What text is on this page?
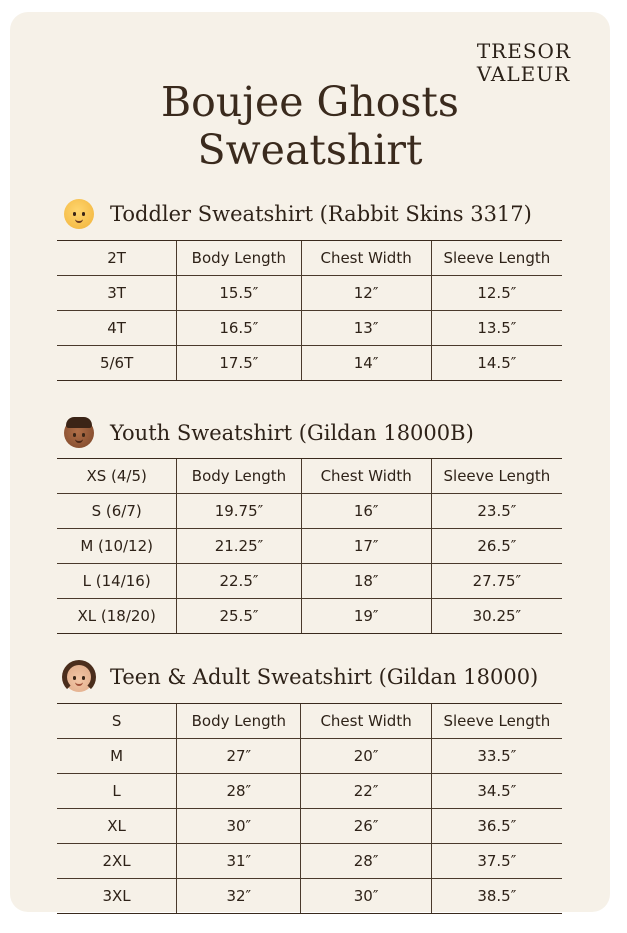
TRESOR
VALEUR
Boujee Ghosts
Sweatshirt
Toddler Sweatshirt (Rabbit Skins 3317)
2T	Body Length	Chest Width	Sleeve Length
3T	15.5″	12″	12.5″
4T	16.5″	13″	13.5″
5/6T	17.5″	14″	14.5″
Youth Sweatshirt (Gildan 18000B)
XS (4/5)	Body Length	Chest Width	Sleeve Length
S (6/7)	19.75″	16″	23.5″
M (10/12)	21.25″	17″	26.5″
L (14/16)	22.5″	18″	27.75″
XL (18/20)	25.5″	19″	30.25″
Teen & Adult Sweatshirt (Gildan 18000)
S	Body Length	Chest Width	Sleeve Length
M	27″	20″	33.5″
L	28″	22″	34.5″
XL	30″	26″	36.5″
2XL	31″	28″	37.5″
3XL	32″	30″	38.5″
